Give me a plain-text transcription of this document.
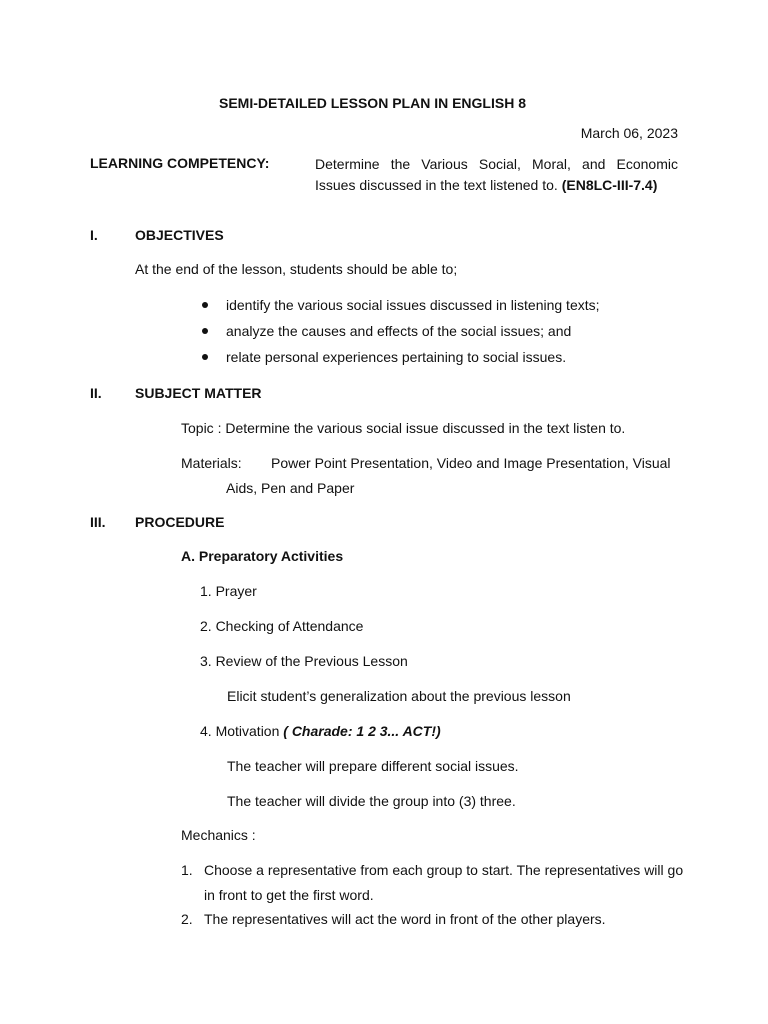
SEMI-DETAILED LESSON PLAN IN ENGLISH 8
March 06, 2023
LEARNING COMPETENCY:	Determine the Various Social, Moral, and Economic Issues discussed in the text listened to. (EN8LC-III-7.4)
I.	OBJECTIVES
At the end of the lesson, students should be able to;
identify the various social issues discussed in listening texts;
analyze the causes and effects of the social issues; and
relate personal experiences pertaining to social issues.
II. SUBJECT MATTER
Topic : Determine the various social issue discussed in the text listen to.
Materials: Power Point Presentation, Video and Image Presentation, Visual
Aids, Pen and Paper
III. PROCEDURE
A. Preparatory Activities
1. Prayer
2. Checking of Attendance
3. Review of the Previous Lesson
Elicit student’s generalization about the previous lesson
4. Motivation ( Charade: 1 2 3... ACT!)
The teacher will prepare different social issues.
The teacher will divide the group into (3) three.
Mechanics :
1. Choose a representative from each group to start. The representatives will go
in front to get the first word.
2. The representatives will act the word in front of the other players.
